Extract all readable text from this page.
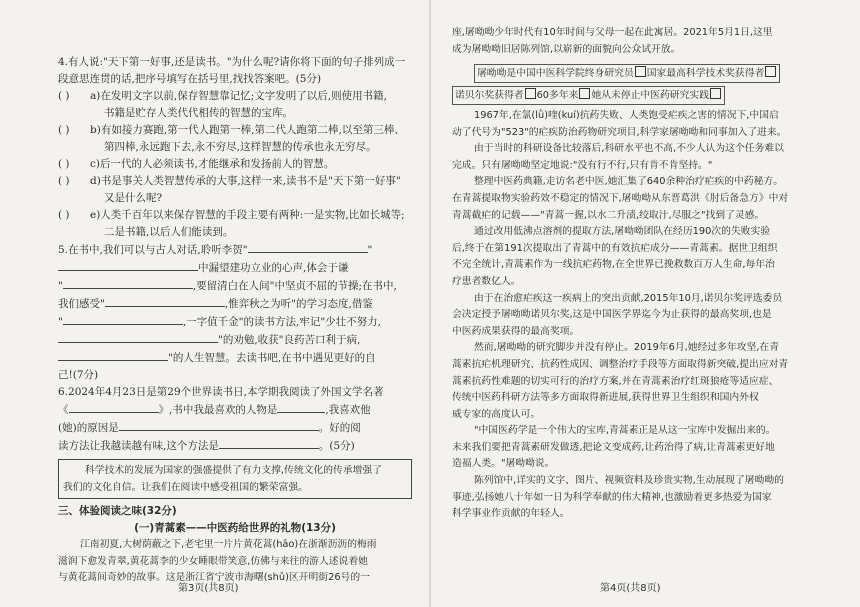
4.有人说:"天下第一好事,还是读书。"为什么呢?请你将下面的句子排列成一
段意思连贯的话,把序号填写在括号里,找找答案吧。(5分)
( )	a)在发明文字以前,保存智慧靠记忆;文字发明了以后,则使用书籍,
书籍是贮存人类代代相传的智慧的宝库。
( )	b)有如接力赛跑,第一代人跑第一棒,第二代人跑第二棒,以至第三棒、
第四棒,永远跑下去,永不穷尽,这样智慧的传承也永无穷尽。
( )	c)后一代的人必须读书,才能继承和发扬前人的智慧。
( )	d)书是事关人类智慧传承的大事,这样一来,读书不是"天下第一好事"
又是什么呢?
( )	e)人类千百年以来保存智慧的手段主要有两种:一是实物,比如长城等;
二是书籍,以后人们能读到。
5.在书中,我们可以与古人对话,聆听李贺"	"
中漏望建功立业的心声,体会于谦
"	,要留清白在人间"中坚贞不屈的节操;在书中,
我们感受"	,惟弈秋之为听"的学习态度,借鉴
"	,一字值千金"的读书方法,牢记"少壮不努力,
"的劝勉,收获"良药苦口利于病,
"的人生智慧。去读书吧,在书中遇见更好的自
己!(7分)
6.2024年4月23日是第29个世界读书日,本学期我阅读了外国文学名著
《	》,书中我最喜欢的人物是	,我喜欢他
(她)的原因是	。好的阅
读方法让我越读越有味,这个方法是	。(5分)
科学技术的发展为国家的强盛提供了有力支撑,传统文化的传承增强了
我们的文化自信。让我们在阅读中感受祖国的繁荣富强。
三、体验阅读之味(32分)
(一)青蒿素——中医药给世界的礼物(13分)
江南初夏,大树荫蔽之下,老宅里一片片黄花蒿(hāo)在浙渐沥沥的梅雨
滋润下愈发青翠,黄花蒿李的少女睡眼带笑意,仿佛与来往的游人述说着她
与黄花蒿间奇妙的故事。这是浙江省宁波市海曙(shǔ)区开明街26号的一
第3页(共8页)
座,屠呦呦少年时代有10年时间与父母一起在此寓居。2021年5月1日,这里
成为屠呦呦旧居陈列馆,以崭新的面貌向公众试开放。
屠呦呦是中国中医科学院终身研究员 国家最高科学技术奖获得者
诺贝尔奖获得者 60多年来 她从未停止中医药研究实践
1967年,在氯(lǜ)喹(kuí)抗药失败、人类饱受疟疾之害的情况下,中国启
动了代号为"523"的疟疾防治药物研究项目,科学家屠呦呦和同事加入了进来。
由于当时的科研设备比较落后,科研水平也不高,不少人认为这个任务难以
完成。只有屠呦呦坚定地说:"没有行不行,只有肯不肯坚持。"
整理中医药典籍,走访名老中医,她汇集了640余种治疗疟疾的中药秘方。
在青蒿提取物实验药效不稳定的情况下,屠呦呦从东晋葛洪《肘后备急方》中对
青蒿截疟的记载——"青蒿一握,以水二升渍,绞取汁,尽服之"找到了灵感。
通过改用低沸点溶剂的提取方法,屠呦呦团队在经历190次的失败实验
后,终于在第191次提取出了青蒿中的有效抗疟成分——青蒿素。据世卫组织
不完全统计,青蒿素作为一线抗疟药物,在全世界已挽救数百万人生命,每年治
疗患者数亿人。
由于在治愈疟疾这一疾病上的突出贡献,2015年10月,诺贝尔奖评选委员
会决定授予屠呦呦诺贝尔奖,这是中国医学界迄今为止获得的最高奖项,也是
中医药成果获得的最高奖项。
然而,屠呦呦的研究脚步并没有停止。2019年6月,她经过多年攻坚,在青
蒿素抗疟机理研究、抗药性成因、调整治疗手段等方面取得新突破,提出应对青
蒿素抗药性难题的切实可行的治疗方案,并在青蒿素治疗红斑狼疮等适应症、
传统中医药科研方法等多方面取得新进展,获得世界卫生组织和国内外权
威专家的高度认可。
"中国医药学是一个伟大的宝库,青蒿素正是从这一宝库中发掘出来的。
未来我们要把青蒿素研发做透,把论文变成药,让药治得了病,让青蒿素更好地
造福人类。"屠呦呦说。
陈列馆中,详实的文字、图片、视频资料及珍贵实物,生动展现了屠呦呦的
事迹,弘扬她八十年如一日为科学奉献的伟大精神,也激励着更多热爱为国家
科学事业作贡献的年轻人。
第4页(共8页)
